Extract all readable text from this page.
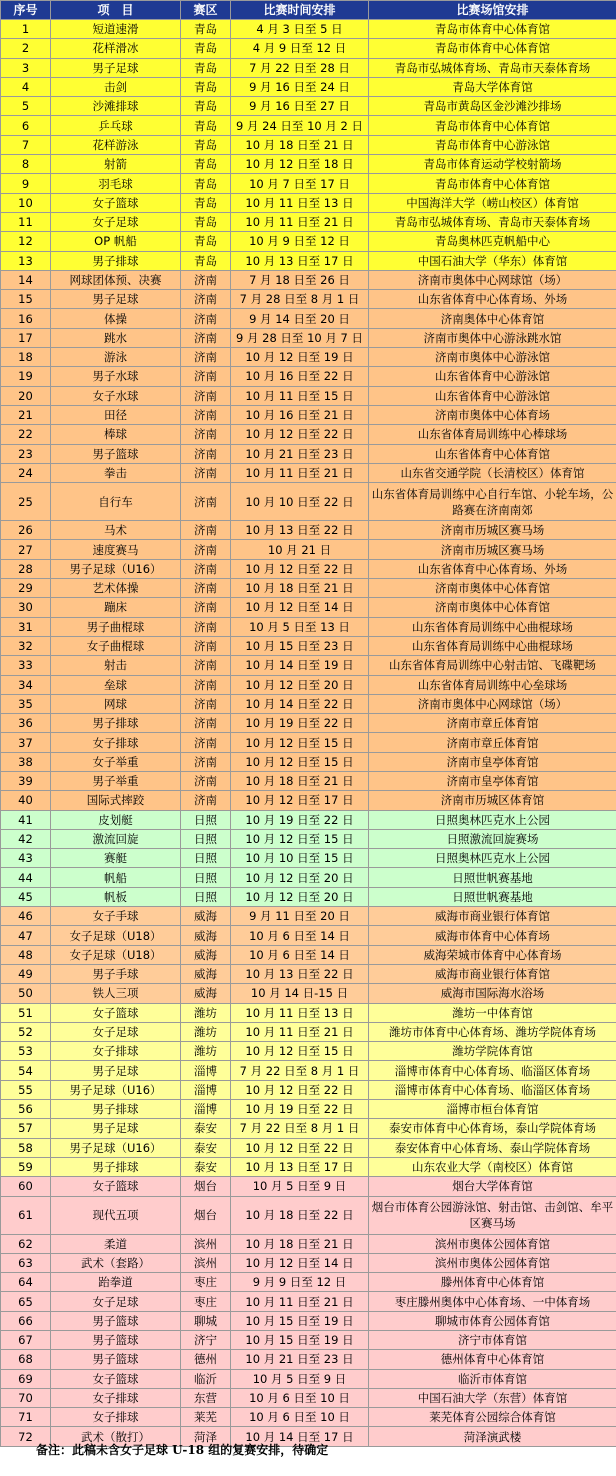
序号	项　目	赛区	比赛时间安排	比赛场馆安排
1	短道速滑	青岛	4 月 3 日至 5 日	青岛市体育中心体育馆
2	花样滑冰	青岛	4 月 9 日至 12 日	青岛市体育中心体育馆
3	男子足球	青岛	7 月 22 日至 28 日	青岛市弘城体育场、青岛市天泰体育场
4	击剑	青岛	9 月 16 日至 24 日	青岛大学体育馆
5	沙滩排球	青岛	9 月 16 日至 27 日	青岛市黄岛区金沙滩沙排场
6	乒乓球	青岛	9 月 24 日至 10 月 2 日	青岛市体育中心体育馆
7	花样游泳	青岛	10 月 18 日至 21 日	青岛市体育中心游泳馆
8	射箭	青岛	10 月 12 日至 18 日	青岛市体育运动学校射箭场
9	羽毛球	青岛	10 月 7 日至 17 日	青岛市体育中心体育馆
10	女子篮球	青岛	10 月 11 日至 13 日	中国海洋大学（崂山校区）体育馆
11	女子足球	青岛	10 月 11 日至 21 日	青岛市弘城体育场、青岛市天泰体育场
12	OP 帆船	青岛	10 月 9 日至 12 日	青岛奥林匹克帆船中心
13	男子排球	青岛	10 月 13 日至 17 日	中国石油大学（华东）体育馆
14	网球团体预、决赛	济南	7 月 18 日至 26 日	济南市奥体中心网球馆（场）
15	男子足球	济南	7 月 28 日至 8 月 1 日	山东省体育中心体育场、外场
16	体操	济南	9 月 14 日至 20 日	济南奥体中心体育馆
17	跳水	济南	9 月 28 日至 10 月 7 日	济南市奥体中心游泳跳水馆
18	游泳	济南	10 月 12 日至 19 日	济南市奥体中心游泳馆
19	男子水球	济南	10 月 16 日至 22 日	山东省体育中心游泳馆
20	女子水球	济南	10 月 11 日至 15 日	山东省体育中心游泳馆
21	田径	济南	10 月 16 日至 21 日	济南市奥体中心体育场
22	棒球	济南	10 月 12 日至 22 日	山东省体育局训练中心棒球场
23	男子篮球	济南	10 月 21 日至 23 日	山东省体育中心体育馆
24	拳击	济南	10 月 11 日至 21 日	山东省交通学院（长清校区）体育馆
25	自行车	济南	10 月 10 日至 22 日	山东省体育局训练中心自行车馆、小轮车场，公路赛在济南南郊
26	马术	济南	10 月 13 日至 22 日	济南市历城区赛马场
27	速度赛马	济南	10 月 21 日	济南市历城区赛马场
28	男子足球（U16）	济南	10 月 12 日至 22 日	山东省体育中心体育场、外场
29	艺术体操	济南	10 月 18 日至 21 日	济南市奥体中心体育馆
30	蹦床	济南	10 月 12 日至 14 日	济南市奥体中心体育馆
31	男子曲棍球	济南	10 月 5 日至 13 日	山东省体育局训练中心曲棍球场
32	女子曲棍球	济南	10 月 15 日至 23 日	山东省体育局训练中心曲棍球场
33	射击	济南	10 月 14 日至 19 日	山东省体育局训练中心射击馆、飞碟靶场
34	垒球	济南	10 月 12 日至 20 日	山东省体育局训练中心垒球场
35	网球	济南	10 月 14 日至 22 日	济南市奥体中心网球馆（场）
36	男子排球	济南	10 月 19 日至 22 日	济南市章丘体育馆
37	女子排球	济南	10 月 12 日至 15 日	济南市章丘体育馆
38	女子举重	济南	10 月 12 日至 15 日	济南市皇亭体育馆
39	男子举重	济南	10 月 18 日至 21 日	济南市皇亭体育馆
40	国际式摔跤	济南	10 月 12 日至 17 日	济南市历城区体育馆
41	皮划艇	日照	10 月 19 日至 22 日	日照奥林匹克水上公园
42	激流回旋	日照	10 月 12 日至 15 日	日照激流回旋赛场
43	赛艇	日照	10 月 10 日至 15 日	日照奥林匹克水上公园
44	帆船	日照	10 月 12 日至 20 日	日照世帆赛基地
45	帆板	日照	10 月 12 日至 20 日	日照世帆赛基地
46	女子手球	威海	9 月 11 日至 20 日	威海市商业银行体育馆
47	女子足球（U18）	威海	10 月 6 日至 14 日	威海市体育中心体育场
48	女子足球（U18）	威海	10 月 6 日至 14 日	威海荣城市体育中心体育场
49	男子手球	威海	10 月 13 日至 22 日	威海市商业银行体育馆
50	铁人三项	威海	10 月 14 日-15 日	威海市国际海水浴场
51	女子篮球	潍坊	10 月 11 日至 13 日	潍坊一中体育馆
52	女子足球	潍坊	10 月 11 日至 21 日	潍坊市体育中心体育场、潍坊学院体育场
53	女子排球	潍坊	10 月 12 日至 15 日	潍坊学院体育馆
54	男子足球	淄博	7 月 22 日至 8 月 1 日	淄博市体育中心体育场、临淄区体育场
55	男子足球（U16）	淄博	10 月 12 日至 22 日	淄博市体育中心体育场、临淄区体育场
56	男子排球	淄博	10 月 19 日至 22 日	淄博市桓台体育馆
57	男子足球	泰安	7 月 22 日至 8 月 1 日	泰安市体育中心体育场，泰山学院体育场
58	男子足球（U16）	泰安	10 月 12 日至 22 日	泰安体育中心体育场、泰山学院体育场
59	男子排球	泰安	10 月 13 日至 17 日	山东农业大学（南校区）体育馆
60	女子篮球	烟台	10 月 5 日至 9 日	烟台大学体育馆
61	现代五项	烟台	10 月 18 日至 22 日	烟台市体育公园游泳馆、射击馆、击剑馆、牟平区赛马场
62	柔道	滨州	10 月 18 日至 21 日	滨州市奥体公园体育馆
63	武术（套路）	滨州	10 月 12 日至 14 日	滨州市奥体公园体育馆
64	跆拳道	枣庄	9 月 9 日至 12 日	滕州体育中心体育馆
65	女子足球	枣庄	10 月 11 日至 21 日	枣庄滕州奥体中心体育场、一中体育场
66	男子篮球	聊城	10 月 15 日至 19 日	聊城市体育公园体育馆
67	男子篮球	济宁	10 月 15 日至 19 日	济宁市体育馆
68	男子篮球	德州	10 月 21 日至 23 日	德州体育中心体育馆
69	女子篮球	临沂	10 月 5 日至 9 日	临沂市体育馆
70	女子排球	东营	10 月 6 日至 10 日	中国石油大学（东营）体育馆
71	女子排球	莱芜	10 月 6 日至 10 日	莱芜体育公园综合体育馆
72	武术（散打）	菏泽	10 月 14 日至 17 日	菏泽演武楼
备注：此稿未含女子足球 U-18 组的复赛安排，待确定
